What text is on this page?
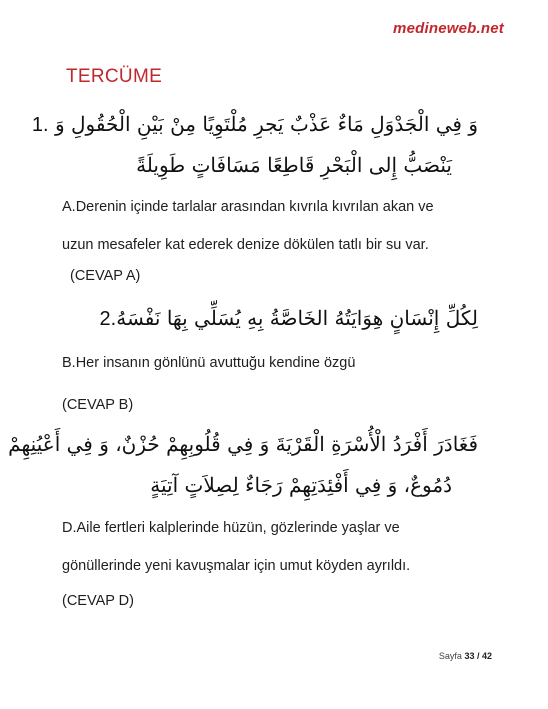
medineweb.net
TERCÜME
وَ فِي الْجَدْوَلِ مَاءٌ عَذْبٌ يَجرِ مُلْتَوِيًا مِنْ بَيْنِ الْحُقُولِ وَ 1.
يَنْصَبُّ إِلى الْبَحْرِ قَاطِعًا مَسَافَاتٍ طَوِيلَةً

A.Derenin içinde tarlalar arasından kıvrıla kıvrılan akan ve

uzun mesafeler kat ederek denize dökülen tatlı bir su var.

(CEVAP A)
لِكُلِّ إِنْسَانٍ هِوَايَتُهُ الخَاصَّةُ بِهِ يُسَلِّي بِهَا نَفْسَهُ2.

B.Her insanın gönlünü avuttuğu kendine özgü

(CEVAP B)
فَغَادَرَ أَفْرَدُ الْأُسْرَةِ الْقَرْيَةَ وَ فِي قُلُوبِهِمْ حُزْنٌ، وَ فِي أَعْيُنِهِمْ
دُمُوعٌ، وَ فِي أَفْئِدَتِهِمْ رَجَاءٌ لِصِلاَتٍ آتِيَةٍ

D.Aile fertleri kalplerinde hüzün, gözlerinde yaşlar ve

gönüllerinde yeni kavuşmalar için umut köyden ayrıldı.

(CEVAP D)
Sayfa 33 / 42
